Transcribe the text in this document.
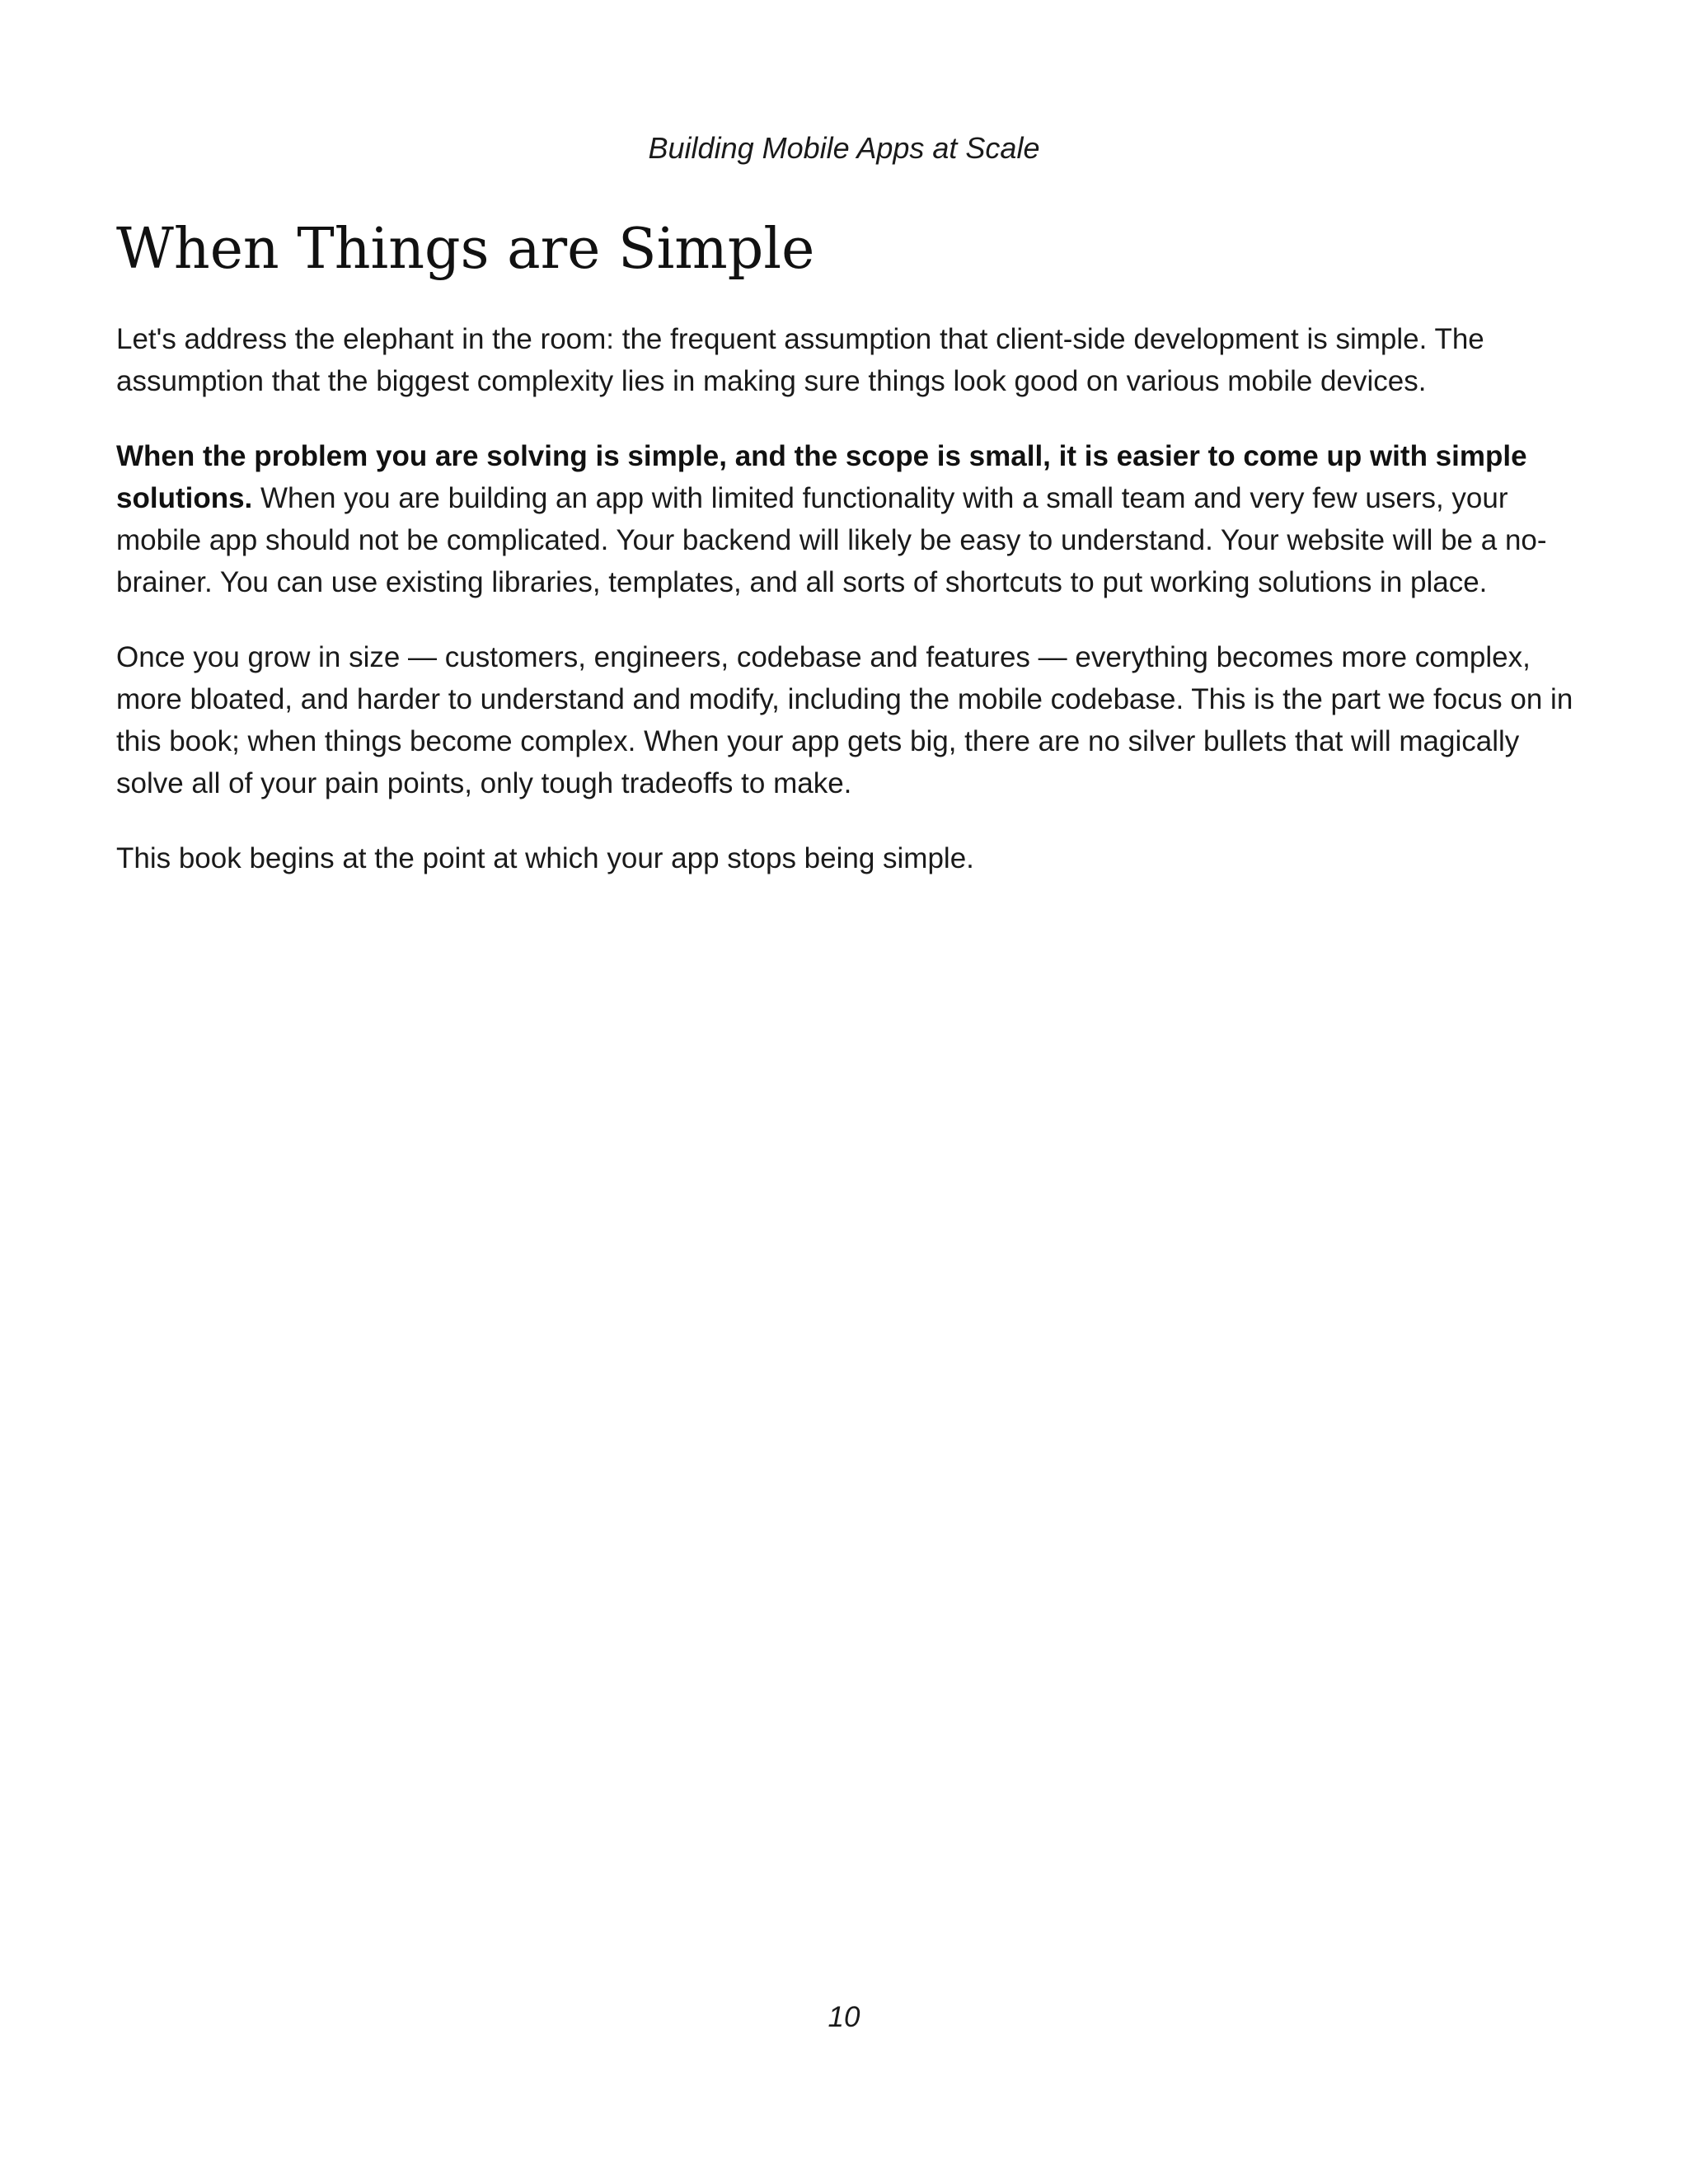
Building Mobile Apps at Scale
When Things are Simple

Let's address the elephant in the room: the frequent assumption that client-side development is simple. The assumption that the biggest complexity lies in making sure things look good on various mobile devices.

When the problem you are solving is simple, and the scope is small, it is easier to come up with simple solutions. When you are building an app with limited functionality with a small team and very few users, your mobile app should not be complicated. Your backend will likely be easy to understand. Your website will be a no-brainer. You can use existing libraries, templates, and all sorts of shortcuts to put working solutions in place.

Once you grow in size — customers, engineers, codebase and features — everything becomes more complex, more bloated, and harder to understand and modify, including the mobile codebase. This is the part we focus on in this book; when things become complex. When your app gets big, there are no silver bullets that will magically solve all of your pain points, only tough tradeoffs to make.

This book begins at the point at which your app stops being simple.

10
